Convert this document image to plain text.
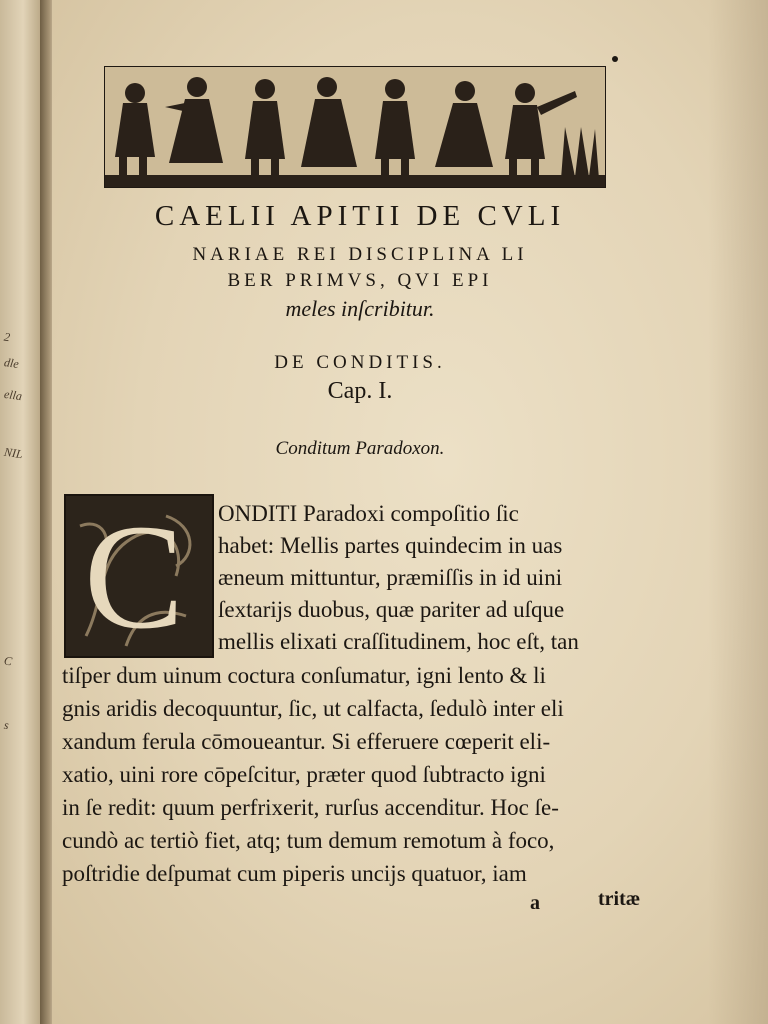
2
dle
ella
NIL
C
s
CAELII APITII DE CVLI
NARIAE REI DISCIPLINA LI
BER PRIMVS, QVI EPI
meles inſcribitur.
DE CONDITIS.
Cap. I.
Conditum Paradoxon.
C ONDITI Paradoxi compoſitio ſic
habet: Mellis partes quindecim in uas
æneum mittuntur, præmiſſis in id uini
ſextarijs duobus, quæ pariter ad uſque
mellis elixati craſſitudinem, hoc eſt, tan
tiſper dum uinum coctura conſumatur, igni lento & li
gnis aridis decoquuntur, ſic, ut calfacta, ſedulò inter eli
xandum ferula cōmoueantur. Si efferuere cœperit eli-
xatio, uini rore cōpeſcitur, præter quod ſubtracto igni
in ſe redit: quum perfrixerit, rurſus accenditur. Hoc ſe-
cundò ac tertiò fiet, atq; tum demum remotum à foco,
poſtridie deſpumat cum piperis uncijs quatuor, iam
a	tritæ
